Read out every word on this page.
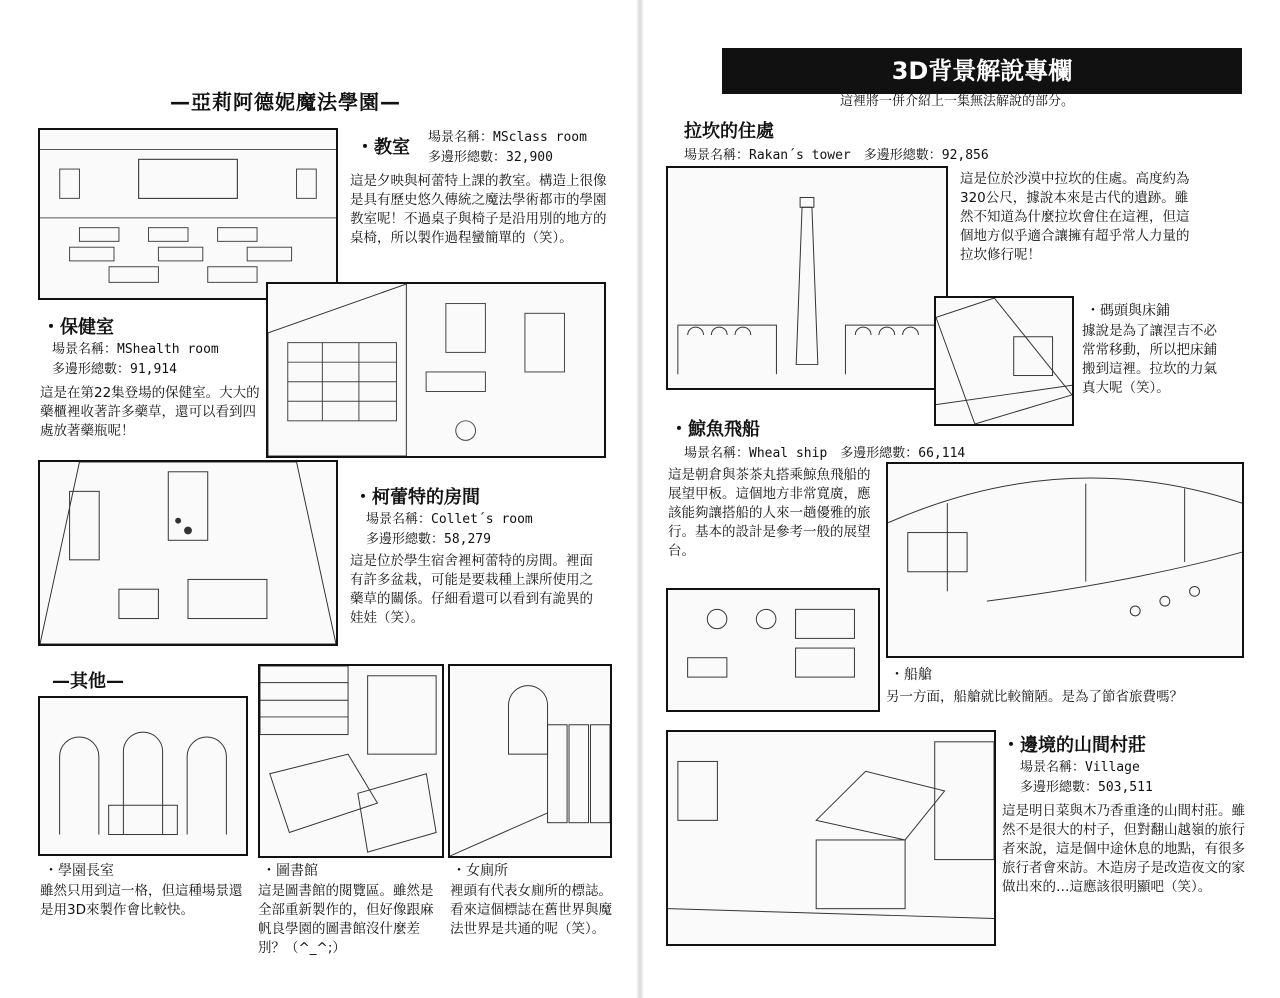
—亞莉阿德妮魔法學園—
・教室 場景名稱：MSclass room
多邊形總數：32,900
這是夕映與柯蕾特上課的教室。構造上很像是具有歷史悠久傳統之魔法學術都市的學園教室呢！不過桌子與椅子是沿用別的地方的桌椅，所以製作過程蠻簡單的（笑）。
・保健室
場景名稱：MShealth room
多邊形總數：91,914
這是在第22集登場的保健室。大大的藥櫃裡收著許多藥草，還可以看到四處放著藥瓶呢！
・柯蕾特的房間
場景名稱：Collet´s room
多邊形總數：58,279
這是位於學生宿舍裡柯蕾特的房間。裡面有許多盆栽，可能是要栽種上課所使用之藥草的關係。仔細看還可以看到有詭異的娃娃（笑）。
—其他—
・學園長室
雖然只用到這一格，但這種場景還是用3D來製作會比較快。
・圖書館
這是圖書館的閱覽區。雖然是全部重新製作的，但好像跟麻帆良學園的圖書館沒什麼差別？（^_^;）
・女廁所
裡頭有代表女廁所的標誌。看來這個標誌在舊世界與魔法世界是共通的呢（笑）。
3D背景解說專欄
這裡將一併介紹上一集無法解說的部分。
拉坎的住處
場景名稱：Rakan´s tower　多邊形總數：92,856
這是位於沙漠中拉坎的住處。高度約為320公尺，據說本來是古代的遺跡。雖然不知道為什麼拉坎會住在這裡，但這個地方似乎適合讓擁有超乎常人力量的拉坎修行呢！
・碼頭與床鋪
據說是為了讓涅吉不必常常移動，所以把床鋪搬到這裡。拉坎的力氣真大呢（笑）。
・鯨魚飛船
場景名稱：Wheal ship　多邊形總數：66,114
這是朝倉與茶茶丸搭乘鯨魚飛船的展望甲板。這個地方非常寬廣，應該能夠讓搭船的人來一趟優雅的旅行。基本的設計是參考一般的展望台。
・船艙
另一方面，船艙就比較簡陋。是為了節省旅費嗎？
・邊境的山間村莊
場景名稱：Village
多邊形總數：503,511
這是明日菜與木乃香重逢的山間村莊。雖然不是很大的村子，但對翻山越嶺的旅行者來說，這是個中途休息的地點，有很多旅行者會來訪。木造房子是改造夜文的家做出來的…這應該很明顯吧（笑）。
